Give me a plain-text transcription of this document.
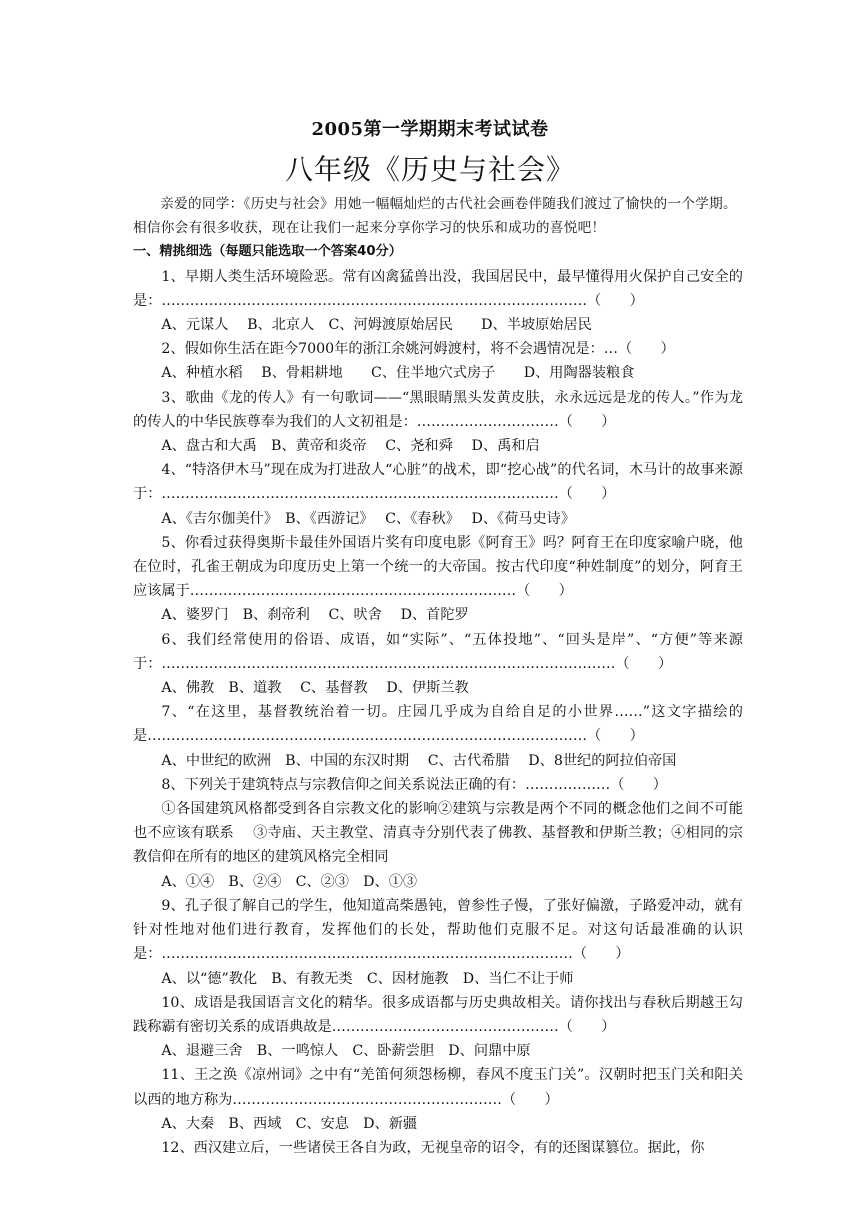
2005第一学期期末考试试卷
八年级《历史与社会》

亲爱的同学：《历史与社会》用她一幅幅灿烂的古代社会画卷伴随我们渡过了愉快的一个学期。相信你会有很多收获，现在让我们一起来分享你学习的快乐和成功的喜悦吧！

一、精挑细选（每题只能选取一个答案40分）

1、早期人类生活环境险恶。常有凶禽猛兽出没，我国居民中，最早懂得用火保护自己安全的是：………………………………………………………………………………（　　）

A、元谋人　 B、北京人　C、河姆渡原始居民　　D、半坡原始居民

2、假如你生活在距今7000年的浙江余姚河姆渡村，将不会遇情况是：…（　　）

A、种植水稻　 B、骨耜耕地　　C、住半地穴式房子　　D、用陶器装粮食

3、歌曲《龙的传人》有一句歌词——“黑眼睛黑头发黄皮肤，永永远远是龙的传人。”作为龙的传人的中华民族尊奉为我们的人文初祖是：…………………………（　　）

A、盘古和大禹　B、黄帝和炎帝　 C、尧和舜　 D、禹和启

4、“特洛伊木马”现在成为打进敌人“心脏”的战术，即“挖心战”的代名词，木马计的故事来源于：…………………………………………………………………………（　　）

A、《吉尔伽美什》　B、《西游记》　 C、《春秋》　 D、《荷马史诗》

5、你看过获得奥斯卡最佳外国语片奖有印度电影《阿育王》吗？阿育王在印度家喻户晓，他在位时，孔雀王朝成为印度历史上第一个统一的大帝国。按古代印度“种姓制度”的划分，阿育王应该属于……………………………………………………………（　　）

A、婆罗门　B、刹帝利　 C、吠舍　 D、首陀罗

6、我们经常使用的俗语、成语，如“实际”、“五体投地”、“回头是岸”、“方便”等来源于：……………………………………………………………………………………（　　）

A、佛教　B、道教　 C、基督教　 D、伊斯兰教

7、“在这里，基督教统治着一切。庄园几乎成为自给自足的小世界……”这文字描绘的是…………………………………………………………………………………（　　）

A、中世纪的欧洲　B、中国的东汉时期　 C、古代希腊　 D、8世纪的阿拉伯帝国

8、下列关于建筑特点与宗教信仰之间关系说法正确的有：………………（　　）

①各国建筑风格都受到各自宗教文化的影响②建筑与宗教是两个不同的概念他们之间不可能也不应该有联系　 ③寺庙、天主教堂、清真寺分别代表了佛教、基督教和伊斯兰教；④相同的宗教信仰在所有的地区的建筑风格完全相同

A、①④　B、②④　C、②③　D、①③

9、孔子很了解自己的学生，他知道高柴愚钝，曾参性子慢，了张好偏激，子路爱冲动，就有针对性地对他们进行教育，发挥他们的长处，帮助他们克服不足。对这句话最准确的认识是：……………………………………………………………………………（　　）

A、以“德”教化　B、有教无类　C、因材施教　D、当仁不让于师

10、成语是我国语言文化的精华。很多成语都与历史典故相关。请你找出与春秋后期越王勾践称霸有密切关系的成语典故是…………………………………………（　　）

A、退避三舍　B、一鸣惊人　C、卧薪尝胆　D、问鼎中原

11、王之涣《凉州词》之中有“羌笛何须怨杨柳，春风不度玉门关”。汉朝时把玉门关和阳关以西的地方称为…………………………………………………（　　）

A、大秦　B、西域　C、安息　D、新疆

12、西汉建立后，一些诸侯王各自为政，无视皇帝的诏令，有的还图谋篡位。据此，你
